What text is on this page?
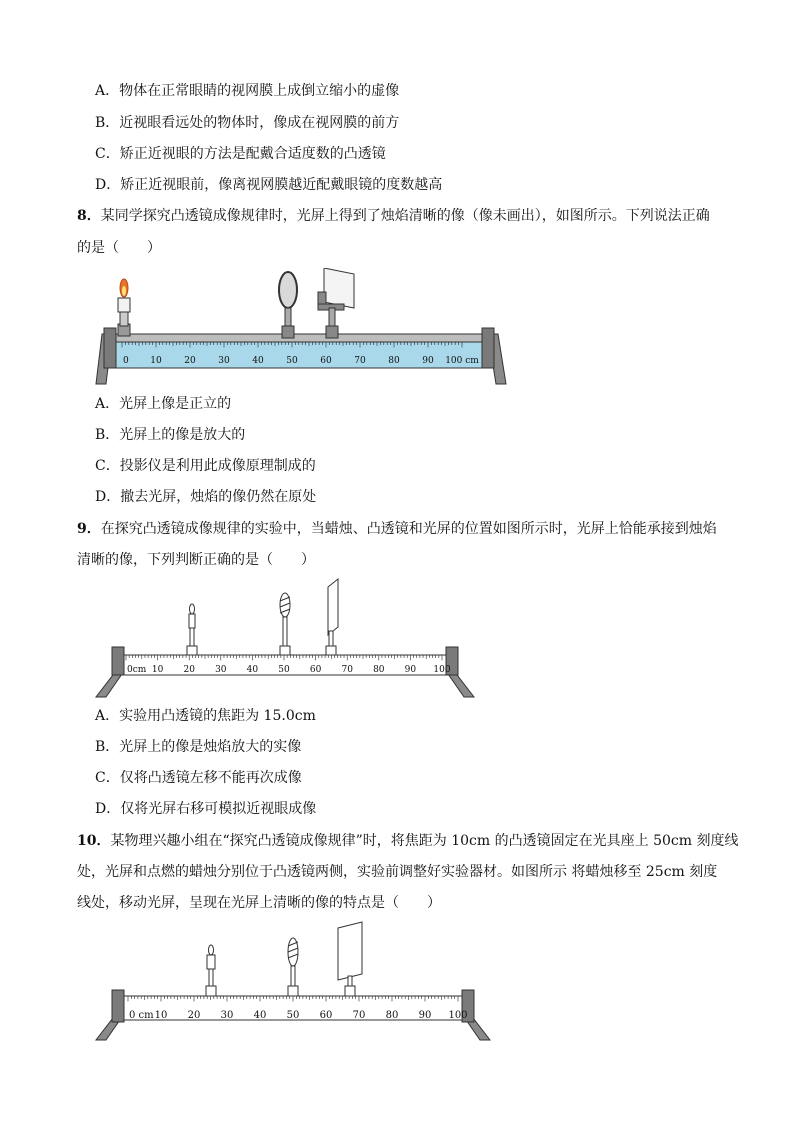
A．物体在正常眼睛的视网膜上成倒立缩小的虚像
B．近视眼看远处的物体时，像成在视网膜的前方
C．矫正近视眼的方法是配戴合适度数的凸透镜
D．矫正近视眼前，像离视网膜越近配戴眼镜的度数越高
8．某同学探究凸透镜成像规律时，光屏上得到了烛焰清晰的像（像未画出），如图所示。下列说法正确
的是（　　）
0 10	20	30	40	50	60	70	80	90 100 cm
A．光屏上像是正立的
B．光屏上的像是放大的
C．投影仪是利用此成像原理制成的
D．撤去光屏，烛焰的像仍然在原处
9．在探究凸透镜成像规律的实验中，当蜡烛、凸透镜和光屏的位置如图所示时，光屏上恰能承接到烛焰
清晰的像，下列判断正确的是（　　）
0cm 10 20 30 40 50 60 70 80 90 100
A．实验用凸透镜的焦距为 15.0cm
B．光屏上的像是烛焰放大的实像
C．仅将凸透镜左移不能再次成像
D．仅将光屏右移可模拟近视眼成像
10．某物理兴趣小组在“探究凸透镜成像规律”时，将焦距为 10cm 的凸透镜固定在光具座上 50cm 刻度线
处，光屏和点燃的蜡烛分别位于凸透镜两侧，实验前调整好实验器材。如图所示 将蜡烛移至 25cm 刻度
线处，移动光屏，呈现在光屏上清晰的像的特点是（　　）
0 cm 10 20 30 40 50 60 70 80 90 100
